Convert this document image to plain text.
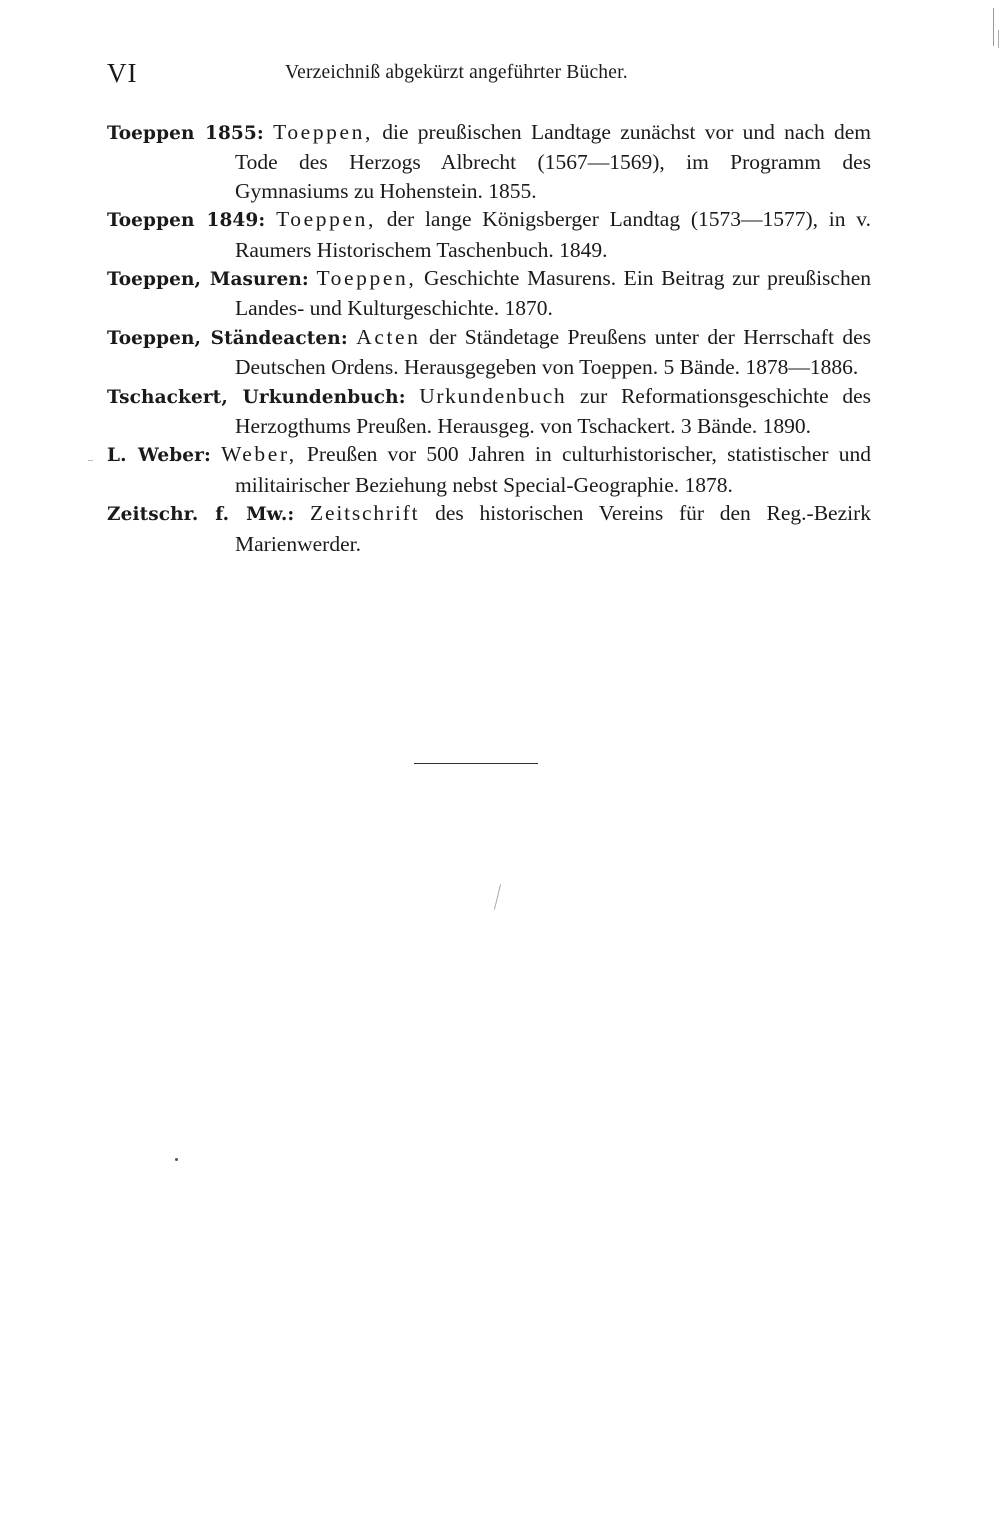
VI	Verzeichniß abgekürzt angeführter Bücher.

Toeppen 1855: Toeppen, die preußischen Landtage zunächst vor und nach dem Tode des Herzogs Albrecht (1567—1569), im Programm des Gymnasiums zu Hohenstein. 1855.

Toeppen 1849: Toeppen, der lange Königsberger Landtag (1573—1577), in v. Raumers Historischem Taschenbuch. 1849.

Toeppen, Masuren: Toeppen, Geschichte Masurens. Ein Beitrag zur preußischen Landes- und Kulturgeschichte. 1870.

Toeppen, Ständeacten: Acten der Ständetage Preußens unter der Herrschaft des Deutschen Ordens. Herausgegeben von Toeppen. 5 Bände. 1878—1886.

Tschackert, Urkundenbuch: Urkundenbuch zur Reformationsgeschichte des Herzogthums Preußen. Herausgeg. von Tschackert. 3 Bände. 1890.

L. Weber: Weber, Preußen vor 500 Jahren in culturhistorischer, statistischer und militairischer Beziehung nebst Special-Geographie. 1878.

Zeitschr. f. Mw.: Zeitschrift des historischen Vereins für den Reg.-Bezirk Marienwerder.
